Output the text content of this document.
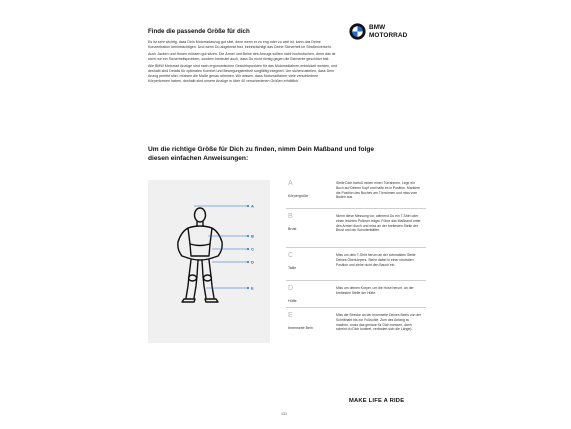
Finde die passende Größe für dich

Es ist sehr wichtig, dass Dein Motorradanzug gut sitzt, denn wenn er zu eng oder zu weit ist, kann das Deine Konzentration beeinträchtigen. Und wenn Du abgelenkt bist, beeinträchtigt das Deine Sicherheit im Straßenverkehr.

Auch Jacken und Hosen müssen gut sitzen. Die Ärmel und Beine des Anzugs sollten nicht hochrutschen, denn das ist nicht nur ein Sicherheitsproblem, sondern bedeutet auch, dass Du nicht richtig gegen die Elemente geschützt bist.

Alle BMW Motorrad Anzüge sind nach ergonomischen Gesichtspunkten für das Motorradfahren entwickelt worden, und deshalb sind Details für optimalen Komfort und Bewegungsfreiheit sorgfältig integriert. Um sicherzustellen, dass Dein Anzug perfekt sitzt, müssen die Maße genau stimmen. Wir wissen, dass Motorradfahrer viele verschiedene Körperformen haben, deshalb sind unsere Anzüge in über 40 verschiedenen Größen erhältlich.

BMW
MOTORRAD
Um die richtige Größe für Dich zu finden, nimm Dein Maßband und folge diesen einfachen Anweisungen:
A
B
C
D
E
A
Körpergröße
Stelle Dich barfuß neben einen Türrahmen. Lege ein Buch auf Deinen Kopf und halte es in Position. Markiere die Position des Buches am Türrahmen und miss vom Boden aus.
B
Brust
Nimm diese Messung vor, während Du ein T-Shirt oder einen leichten Pullover trägst. Führe das Maßband unter den Armen durch und miss an der breitesten Stelle der Brust und der Schulterblätter.
C
Taille
Miss um dein T-Shirt herum an der schmalsten Stelle Deines Oberkörpers. Stehe dabei in einer neutralen Position und ziehe nicht den Bauch ein.
D
Hüfte
Miss um deinen Körper, um die Hose herum, an der breitesten Stelle der Hüfte.
E
Innenseite Bein
Miss die Strecke an der Innenseite Deines Beins von der Schrittnaht bis zur Fußsohle. Zum des Anfang zu machen, muss das genaue für Dich messen, dann scheint du Dich konkret, verändert sich die Länge).
131
MAKE LIFE A RIDE
